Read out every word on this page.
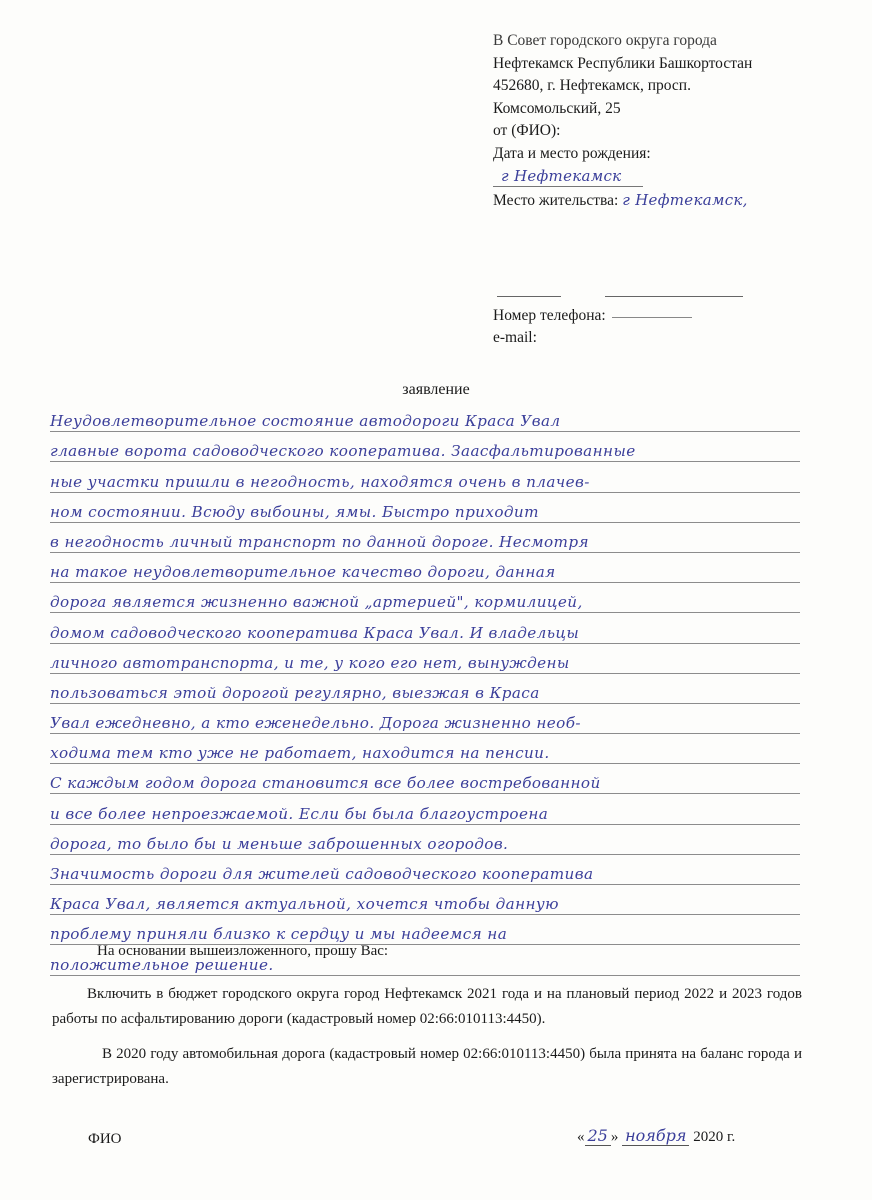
В Совет городского округа города
Нефтекамск Республики Башкортостан
452680, г. Нефтекамск, просп.
Комсомольский, 25
от (ФИО):
Дата и место рождения:
г Нефтекамск
Место жительства: г Нефтекамск,
Номер телефона:
e-mail:
заявление
Неудовлетворительное состояние автодороги Краса Увал
главные ворота садоводческого кооператива. Заасфальтированные
ные участки пришли в негодность, находятся очень в плачев-
ном состоянии. Всюду выбоины, ямы. Быстро приходит
в негодность личный транспорт по данной дороге. Несмотря
на такое неудовлетворительное качество дороги, данная
дорога является жизненно важной „артерией", кормилицей,
домом садоводческого кооператива Краса Увал. И владельцы
личного автотранспорта, и те, у кого его нет, вынуждены
пользоваться этой дорогой регулярно, выезжая в Краса
Увал ежедневно, а кто еженедельно. Дорога жизненно необ-
ходима тем кто уже не работает, находится на пенсии.
С каждым годом дорога становится все более востребованной
и все более непроезжаемой. Если бы была благоустроена
дорога, то было бы и меньше заброшенных огородов.
Значимость дороги для жителей садоводческого кооператива
Краса Увал, является актуальной, хочется чтобы данную
проблему приняли близко к сердцу и мы надеемся на
положительное решение.
На основании вышеизложенного, прошу Вас:
Включить в бюджет городского округа город Нефтекамск 2021 года и на плановый период 2022 и 2023 годов работы по асфальтированию дороги (кадастровый номер 02:66:010113:4450).
В 2020 году автомобильная дорога (кадастровый номер 02:66:010113:4450) была принята на баланс города и зарегистрирована.
ФИО	« 25 » ноября 2020 г.
